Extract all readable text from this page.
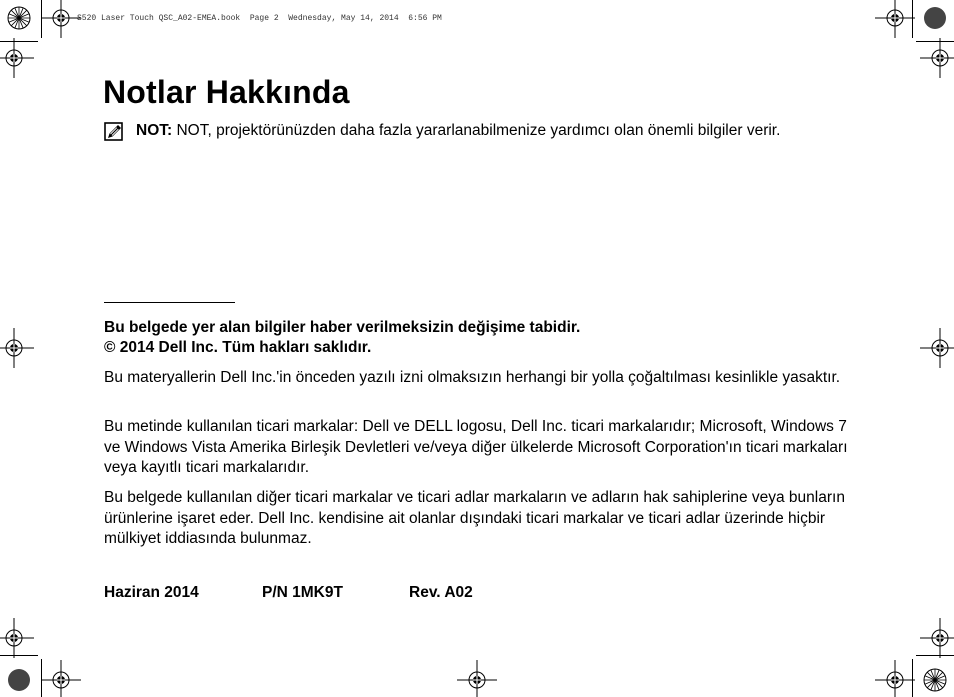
S520 Laser Touch QSC_A02-EMEA.book  Page 2  Wednesday, May 14, 2014  6:56 PM
Notlar Hakkında
NOT: NOT, projektörünüzden daha fazla yararlanabilmenize yardımcı olan önemli bilgiler verir.

Bu belgede yer alan bilgiler haber verilmeksizin değişime tabidir.

© 2014 Dell Inc. Tüm hakları saklıdır.

Bu materyallerin Dell Inc.'in önceden yazılı izni olmaksızın herhangi bir yolla çoğaltılması kesinlikle yasaktır.

Bu metinde kullanılan ticari markalar: Dell ve DELL logosu, Dell Inc. ticari markalarıdır; Microsoft, Windows 7 ve Windows Vista Amerika Birleşik Devletleri ve/veya diğer ülkelerde Microsoft Corporation'ın ticari markaları veya kayıtlı ticari markalarıdır.

Bu belgede kullanılan diğer ticari markalar ve ticari adlar markaların ve adların hak sahiplerine veya bunların ürünlerine işaret eder. Dell Inc. kendisine ait olanlar dışındaki ticari markalar ve ticari adlar üzerinde hiçbir mülkiyet iddiasında bulunmaz.

Haziran 2014	P/N 1MK9T	Rev. A02
